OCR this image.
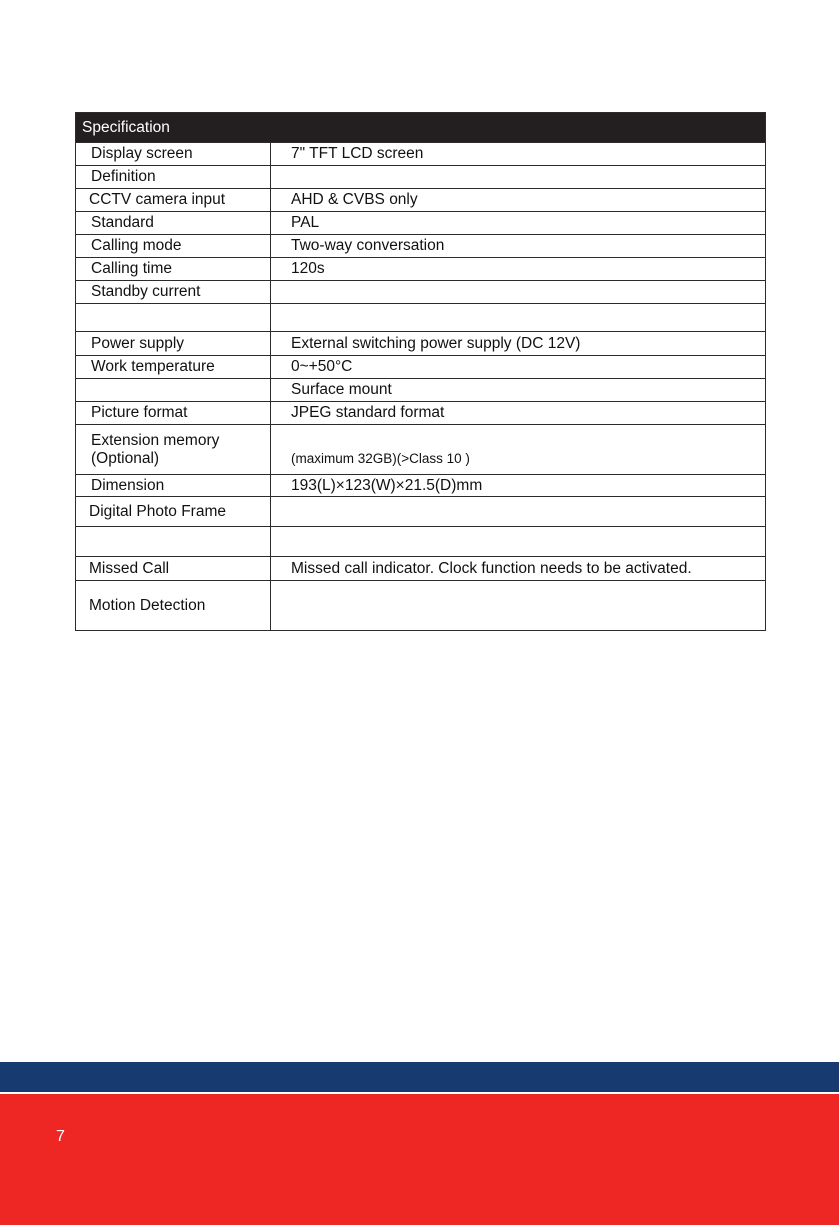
Specification	
Display screen	7" TFT LCD screen
Definition	
CCTV camera input	AHD & CVBS only
Standard	PAL
Calling mode	Two-way conversation
Calling time	120s
Standby current	

Power supply	External switching power supply (DC 12V)
Work temperature	0~+50°C
	Surface mount
Picture format	JPEG standard format
Extension memory
(Optional)	(maximum 32GB)(>Class 10 )
Dimension	193(L)×123(W)×21.5(D)mm
Digital Photo Frame	

Missed Call	Missed call indicator. Clock function needs to be activated.
Motion Detection	
7
